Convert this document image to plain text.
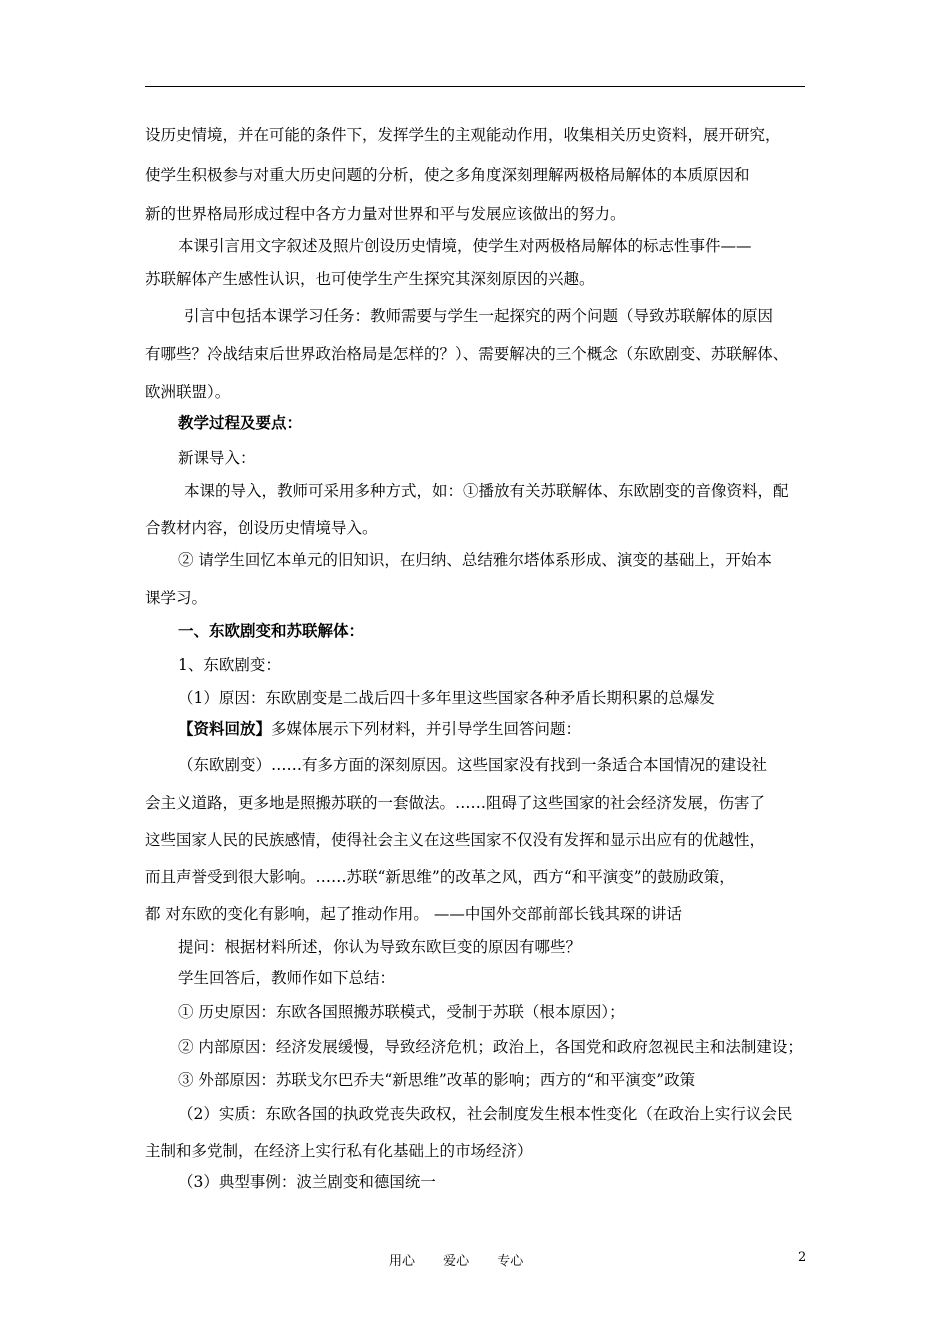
设历史情境，并在可能的条件下，发挥学生的主观能动作用，收集相关历史资料，展开研究，
使学生积极参与对重大历史问题的分析，使之多角度深刻理解两极格局解体的本质原因和
新的世界格局形成过程中各方力量对世界和平与发展应该做出的努力。
本课引言用文字叙述及照片创设历史情境，使学生对两极格局解体的标志性事件——
苏联解体产生感性认识，也可使学生产生探究其深刻原因的兴趣。
引言中包括本课学习任务：教师需要与学生一起探究的两个问题（导致苏联解体的原因
有哪些？冷战结束后世界政治格局是怎样的？）、需要解决的三个概念（东欧剧变、苏联解体、
欧洲联盟）。
教学过程及要点：
新课导入：
本课的导入，教师可采用多种方式，如：①播放有关苏联解体、东欧剧变的音像资料，配
合教材内容，创设历史情境导入。
② 请学生回忆本单元的旧知识，在归纳、总结雅尔塔体系形成、演变的基础上，开始本
课学习。
一、东欧剧变和苏联解体：
1、东欧剧变：
（1）原因：东欧剧变是二战后四十多年里这些国家各种矛盾长期积累的总爆发
【资料回放】多媒体展示下列材料，并引导学生回答问题：
（东欧剧变）……有多方面的深刻原因。这些国家没有找到一条适合本国情况的建设社
会主义道路，更多地是照搬苏联的一套做法。……阻碍了这些国家的社会经济发展，伤害了
这些国家人民的民族感情，使得社会主义在这些国家不仅没有发挥和显示出应有的优越性，
而且声誉受到很大影响。……苏联“新思维”的改革之风，西方“和平演变”的鼓励政策，
都 对东欧的变化有影响，起了推动作用。 ——中国外交部前部长钱其琛的讲话
提问：根据材料所述，你认为导致东欧巨变的原因有哪些？
学生回答后，教师作如下总结：
① 历史原因：东欧各国照搬苏联模式，受制于苏联（根本原因）；
② 内部原因：经济发展缓慢，导致经济危机；政治上，各国党和政府忽视民主和法制建设；
③ 外部原因：苏联戈尔巴乔夫“新思维”改革的影响；西方的“和平演变”政策
（2）实质：东欧各国的执政党丧失政权，社会制度发生根本性变化（在政治上实行议会民
主制和多党制，在经济上实行私有化基础上的市场经济）
（3）典型事例：波兰剧变和德国统一
用心 爱心 专心	2
